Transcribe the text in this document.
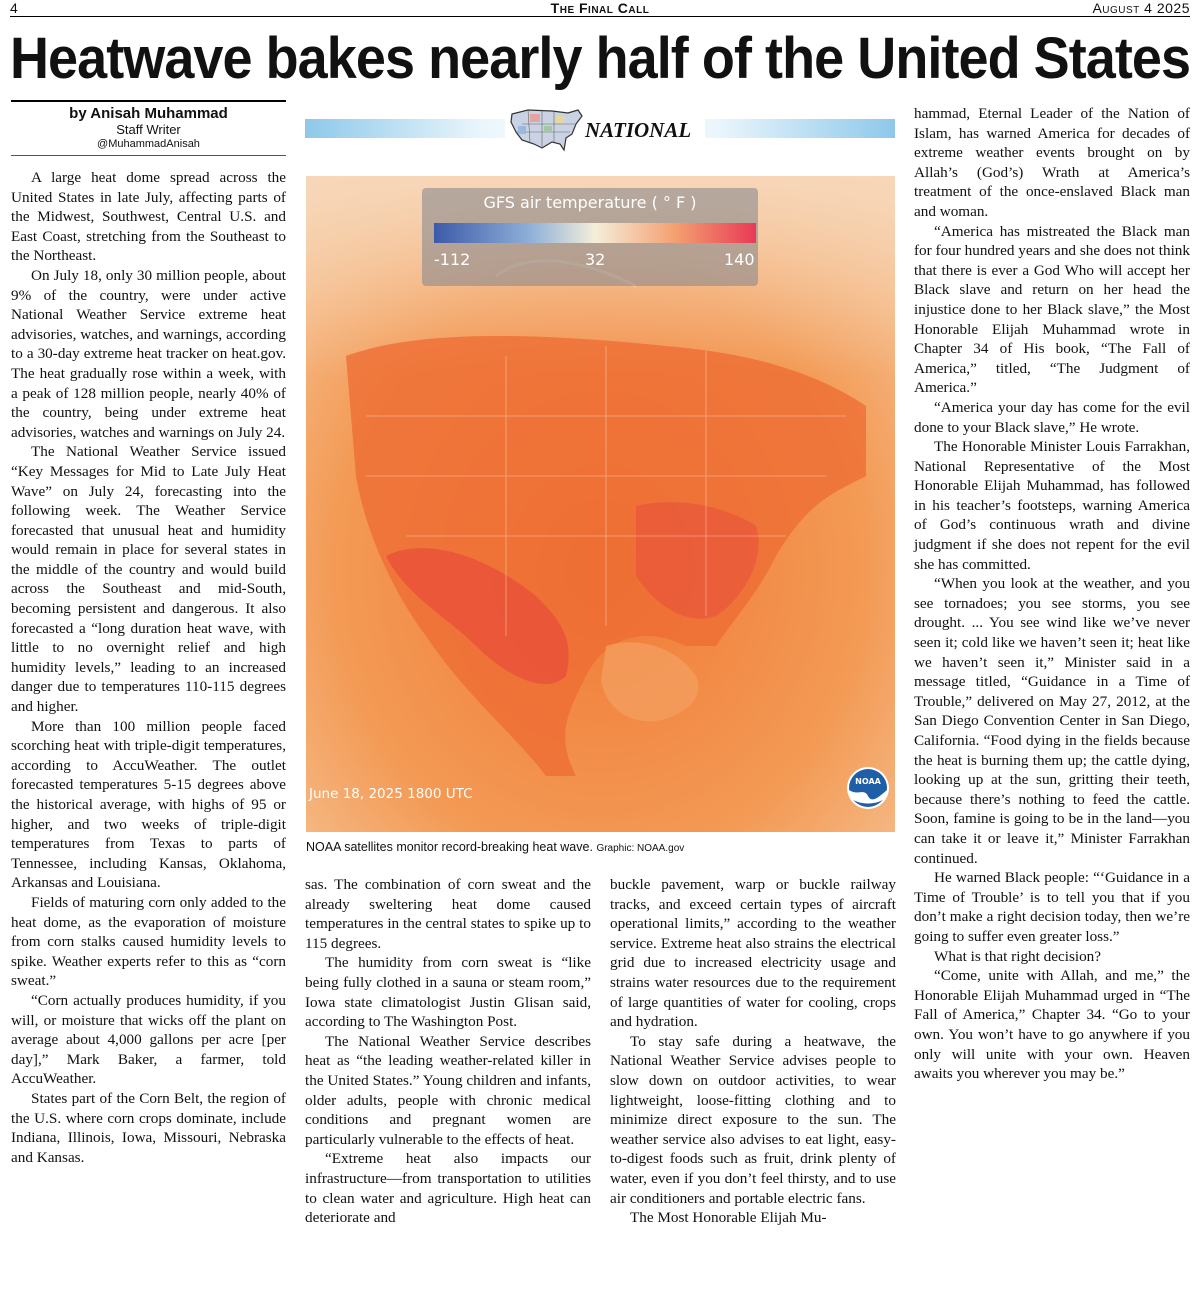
4	The Final Call	August 4 2025
Heatwave bakes nearly half of the United States
by Anisah Muhammad
Staff Writer
@MuhammadAnisah

A large heat dome spread across the United States in late July, affecting parts of the Midwest, Southwest, Central U.S. and East Coast, stretching from the Southeast to the Northeast.

On July 18, only 30 million people, about 9% of the country, were under active National Weather Service extreme heat advisories, watches, and warnings, according to a 30-day extreme heat tracker on heat.gov. The heat gradually rose within a week, with a peak of 128 million people, nearly 40% of the country, being under extreme heat advisories, watches and warnings on July 24.

The National Weather Service issued “Key Messages for Mid to Late July Heat Wave” on July 24, forecasting into the following week. The Weather Service forecasted that unusual heat and humidity would remain in place for several states in the middle of the country and would build across the Southeast and mid-South, becoming persistent and dangerous. It also forecasted a “long duration heat wave, with little to no overnight relief and high humidity levels,” leading to an increased danger due to temperatures 110-115 degrees and higher.

More than 100 million people faced scorching heat with triple-digit temperatures, according to AccuWeather. The outlet forecasted temperatures 5-15 degrees above the historical average, with highs of 95 or higher, and two weeks of triple-digit temperatures from Texas to parts of Tennessee, including Kansas, Oklahoma, Arkansas and Louisiana.

Fields of maturing corn only added to the heat dome, as the evaporation of moisture from corn stalks caused humidity levels to spike. Weather experts refer to this as “corn sweat.”

“Corn actually produces humidity, if you will, or moisture that wicks off the plant on average about 4,000 gallons per acre [per day],” Mark Baker, a farmer, told AccuWeather.

States part of the Corn Belt, the region of the U.S. where corn crops dominate, include Indiana, Illinois, Iowa, Missouri, Nebraska and Kansas.

sas. The combination of corn sweat and the already sweltering heat dome caused temperatures in the central states to spike up to 115 degrees.

The humidity from corn sweat is “like being fully clothed in a sauna or steam room,” Iowa state climatologist Justin Glisan said, according to The Washington Post.

The National Weather Service describes heat as “the leading weather-related killer in the United States.” Young children and infants, older adults, people with chronic medical conditions and pregnant women are particularly vulnerable to the effects of heat.

“Extreme heat also impacts our infrastructure—from transportation to utilities to clean water and agriculture. High heat can deteriorate and

buckle pavement, warp or buckle railway tracks, and exceed certain types of aircraft operational limits,” according to the weather service. Extreme heat also strains the electrical grid due to increased electricity usage and strains water resources due to the requirement of large quantities of water for cooling, crops and hydration.

To stay safe during a heatwave, the National Weather Service advises people to slow down on outdoor activities, to wear lightweight, loose-fitting clothing and to minimize direct exposure to the sun. The weather service also advises to eat light, easy-to-digest foods such as fruit, drink plenty of water, even if you don’t feel thirsty, and to use air conditioners and portable electric fans.

The Most Honorable Elijah Mu-

hammad, Eternal Leader of the Nation of Islam, has warned America for decades of extreme weather events brought on by Allah’s (God’s) Wrath at America’s treatment of the once-enslaved Black man and woman.

“America has mistreated the Black man for four hundred years and she does not think that there is ever a God Who will accept her Black slave and return on her head the injustice done to her Black slave,” the Most Honorable Elijah Muhammad wrote in Chapter 34 of His book, “The Fall of America,” titled, “The Judgment of America.”

“America your day has come for the evil done to your Black slave,” He wrote.

The Honorable Minister Louis Farrakhan, National Representative of the Most Honorable Elijah Muhammad, has followed in his teacher’s footsteps, warning America of God’s continuous wrath and divine judgment if she does not repent for the evil she has committed.

“When you look at the weather, and you see tornadoes; you see storms, you see drought. ... You see wind like we’ve never seen it; cold like we haven’t seen it; heat like we haven’t seen it,” Minister said in a message titled, “Guidance in a Time of Trouble,” delivered on May 27, 2012, at the San Diego Convention Center in San Diego, California. “Food dying in the fields because the heat is burning them up; the cattle dying, looking up at the sun, gritting their teeth, because there’s nothing to feed the cattle. Soon, famine is going to be in the land—you can take it or leave it,” Minister Farrakhan continued.

He warned Black people: “‘Guidance in a Time of Trouble’ is to tell you that if you don’t make a right decision today, then we’re going to suffer even greater loss.”

What is that right decision?

“Come, unite with Allah, and me,” the Honorable Elijah Muhammad urged in “The Fall of America,” Chapter 34. “Go to your own. You won’t have to go anywhere if you only will unite with your own. Heaven awaits you wherever you may be.”

NATIONAL
GFS air temperature ( ° F )
-112	32	140
June 18, 2025 1800 UTC
NOAA
NOAA satellites monitor record-breaking heat wave. Graphic: NOAA.gov
